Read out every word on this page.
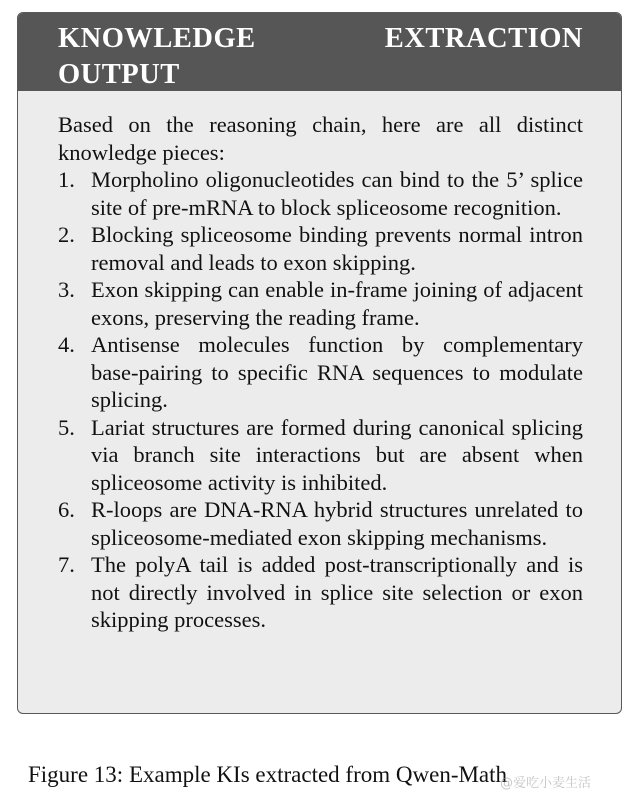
KNOWLEDGE EXTRACTION OUTPUT

Based on the reasoning chain, here are all distinct knowledge pieces:

1. Morpholino oligonucleotides can bind to the 5’ splice site of pre-mRNA to block spliceosome recognition.
2. Blocking spliceosome binding prevents normal intron removal and leads to exon skipping.
3. Exon skipping can enable in-frame joining of adjacent exons, preserving the reading frame.
4. Antisense molecules function by complementary base-pairing to specific RNA sequences to modulate splicing.
5. Lariat structures are formed during canonical splicing via branch site interactions but are absent when spliceosome activity is inhibited.
6. R-loops are DNA-RNA hybrid structures unrelated to spliceosome-mediated exon skipping mechanisms.
7. The polyA tail is added post-transcriptionally and is not directly involved in splice site selection or exon skipping processes.
Figure 13: Example KIs extracted from Qwen-Math
@爱吃小麦生活
